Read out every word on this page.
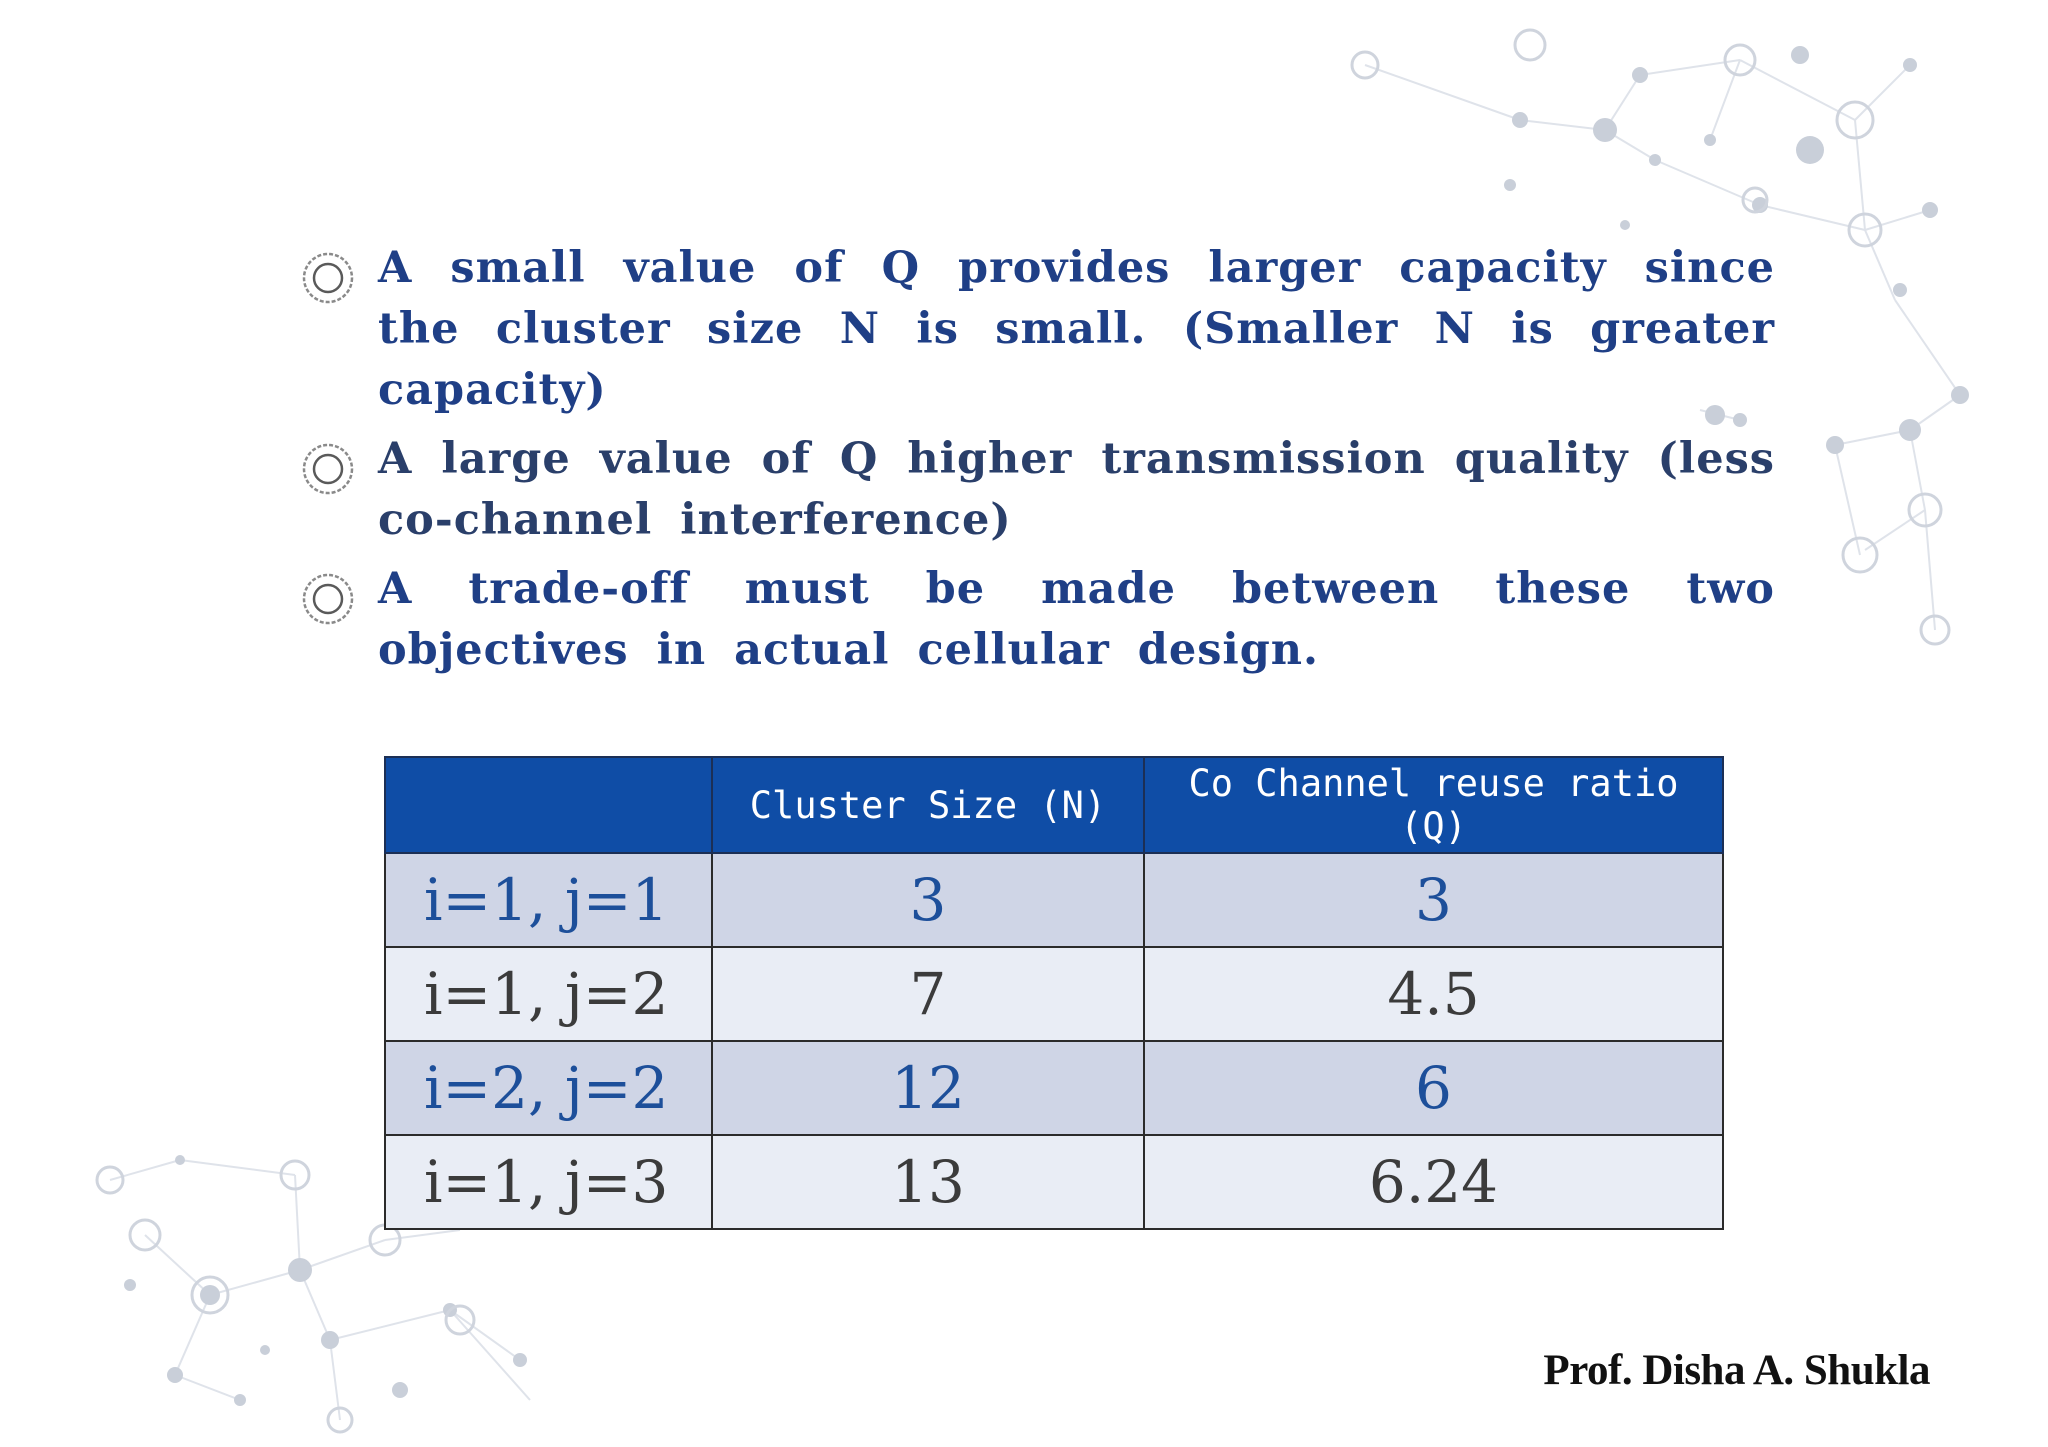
A small value of Q provides larger capacity since the cluster size N is small. (Smaller N is greater capacity)
A large value of Q higher transmission quality (less co-channel interference)
A trade-off must be made between these two objectives in actual cellular design.
	Cluster Size (N)	Co Channel reuse ratio (Q)
i=1, j=1	3	3
i=1, j=2	7	4.5
i=2, j=2	12	6
i=1, j=3	13	6.24
Prof. Disha A. Shukla
